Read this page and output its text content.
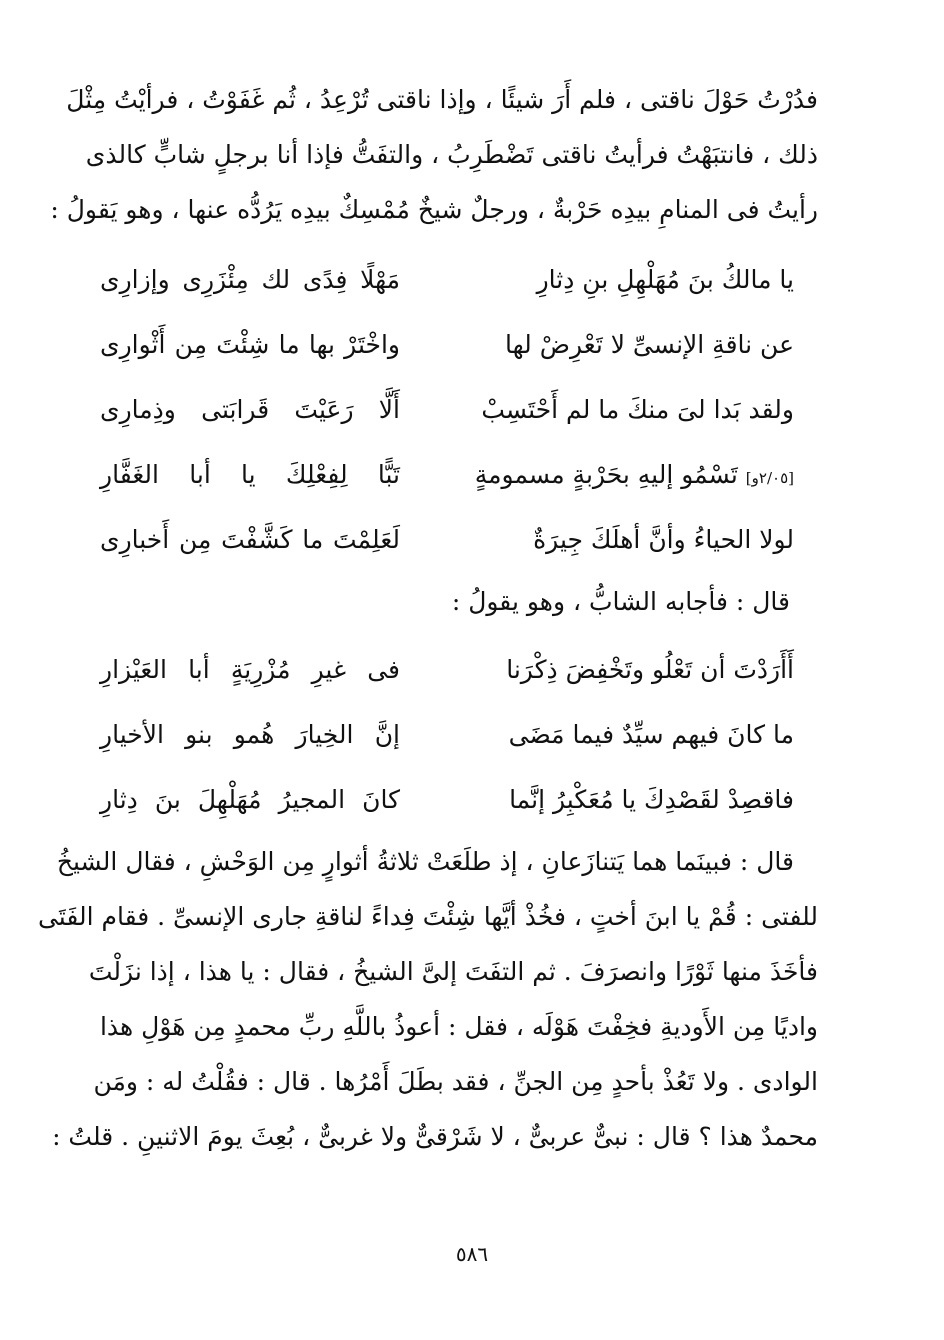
فدُرْتُ حَوْلَ ناقتى ، فلم أَرَ شيئًا ، وإذا ناقتى تُرْعِدُ ، ثُم غَفَوْتُ ، فرأيْتُ مِثْلَ
ذلك ، فانتبَهْتُ فرأيتُ ناقتى تَضْطَرِبُ ، والتفَتُّ فإذا أنا برجلٍ شابٍّ كالذى
رأيتُ فى المنامِ بيدِه حَرْبةٌ ، ورجلٌ شيخٌ مُمْسِكٌ بيدِه يَرُدُّه عنها ، وهو يَقولُ :
يا مالكُ بنَ مُهَلْهِلِ بنِ دِثارِ
مَهْلًا فِدًى لك مِئْزَرِى وإزارِى
عن ناقةِ الإنسىِّ لا تَعْرِضْ لها
واخْتَرْ بها ما شِئْتَ مِن أَثْوارِى
ولقد بَدا لىَ منكَ ما لم أَحْتَسِبْ
أَلَّا رَعَيْتَ قَرابَتى وذِمارِى
[٢/٠٥و] تَسْمُو إليهِ بحَرْبةٍ مسمومةٍ
تَبًّا لِفِعْلِكَ يا أبا الغَفَّارِ
لولا الحياءُ وأنَّ أهلَكَ جِيرَةٌ
لَعَلِمْتَ ما كَشَّفْتَ مِن أَخبارِى
قال : فأجابه الشابُّ ، وهو يقولُ :
أَأَرَدْتَ أن تَعْلُو وتَخْفِضَ ذِكْرَنا
فى غيرِ مُزْرِيَةٍ أبا العَيْزارِ
ما كانَ فيهم سيِّدٌ فيما مَضَى
إنَّ الخِيارَ هُمو بنو الأخيارِ
فاقصِدْ لقَصْدِكَ يا مُعَكْبِرُ إنَّما
كانَ المجيرُ مُهَلْهِلَ بنَ دِثارِ
قال : فبينَما هما يَتنازَعانِ ، إذ طلَعَتْ ثلاثةُ أثوارٍ مِن الوَحْشِ ، فقال الشيخُ
للفتى : قُمْ يا ابنَ أختٍ ، فخُذْ أيَّها شِئْتَ فِداءً لناقةِ جارى الإنسىِّ . فقام الفَتَى
فأخَذَ منها ثَوْرًا وانصرَفَ . ثم التفَتَ إلىَّ الشيخُ ، فقال : يا هذا ، إذا نزَلْتَ
واديًا مِن الأَوديةِ فخِفْتَ هَوْلَه ، فقل : أعوذُ باللَّهِ ربِّ محمدٍ مِن هَوْلِ هذا
الوادى . ولا تَعُذْ بأحدٍ مِن الجنِّ ، فقد بطَلَ أَمْرُها . قال : فقُلْتُ له : ومَن
محمدٌ هذا ؟ قال : نبىٌّ عربىٌّ ، لا شَرْقىٌّ ولا غربىٌّ ، بُعِثَ يومَ الاثنينِ . قلتُ :
٥٨٦
